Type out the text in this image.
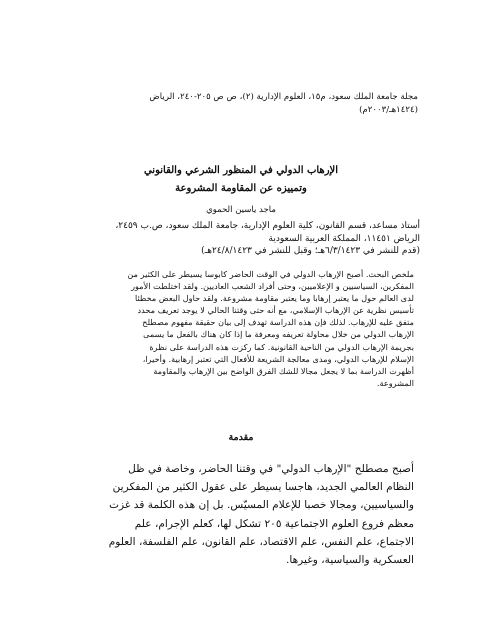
مجلة جامعة الملك سعود، م١٥، العلوم الإدارية (٢)، ص ص ٢٠٥-٢٤٠، الرياض
(١٤٢٤هـ/٢٠٠٣م)
الإرهاب الدولي في المنظور الشرعي والقانوني
وتمييزه عن المقاومة المشروعة
ماجد ياسين الحموي
أستاذ مساعد، قسم القانون، كلية العلوم الإدارية، جامعة الملك سعود، ص.ب ٢٤٥٩،
الرياض ١١٤٥١، المملكة العربية السعودية
(قدم للنشر في ٦/٣/١٤٢٣هـ؛ وقبل للنشر في ٢٤/٨/١٤٢٣هـ)
ملخص البحث. أصبح الإرهاب الدولي في الوقت الحاضر كابوسا يسيطر على الكثير من
المفكرين، السياسيين و الإعلاميين، وحتى أفراد الشعب العاديين. ولقد اختلطت الأمور
لدى العالم حول ما يعتبر إرهابا وما يعتبر مقاومة مشروعة. ولقد حاول البعض مخطئا
تأسيس نظرية عن الإرهاب الإسلامي، مع أنه حتى وقتنا الحالي لا يوجد تعريف محدد
متفق عليه للإرهاب. لذلك فإن هذه الدراسة تهدف إلى بيان حقيقة مفهوم مصطلح
الإرهاب الدولي من خلال محاولة تعريفه ومعرفة ما إذا كان هناك بالفعل ما يسمى
بجريمة الإرهاب الدولي من الناحية القانونية. كما ركزت هذه الدراسة على نظرة
الإسلام للإرهاب الدولي، ومدى معالجة الشريعة للأفعال التي تعتبر إرهابية. وأخيرا،
أظهرت الدراسة بما لا يجعل مجالا للشك الفرق الواضح بين الإرهاب والمقاومة
المشروعة.
مقدمة
أصبح مصطلح "الإرهاب الدولي" في وقتنا الحاضر، وخاصة في ظل
النظام العالمي الجديد، هاجسا يسيطر على عقول الكثير من المفكرين
والسياسيين، ومجالا خصبا للإعلام المسيّس. بل إن هذه الكلمة قد غزت
معظم فروع العلوم الاجتماعية ٢٠٥ تشكل لها، كعلم الإجرام، علم
الاجتماع، علم النفس، علم الاقتصاد، علم القانون، علم الفلسفة، العلوم
العسكرية والسياسية، وغيرها.
